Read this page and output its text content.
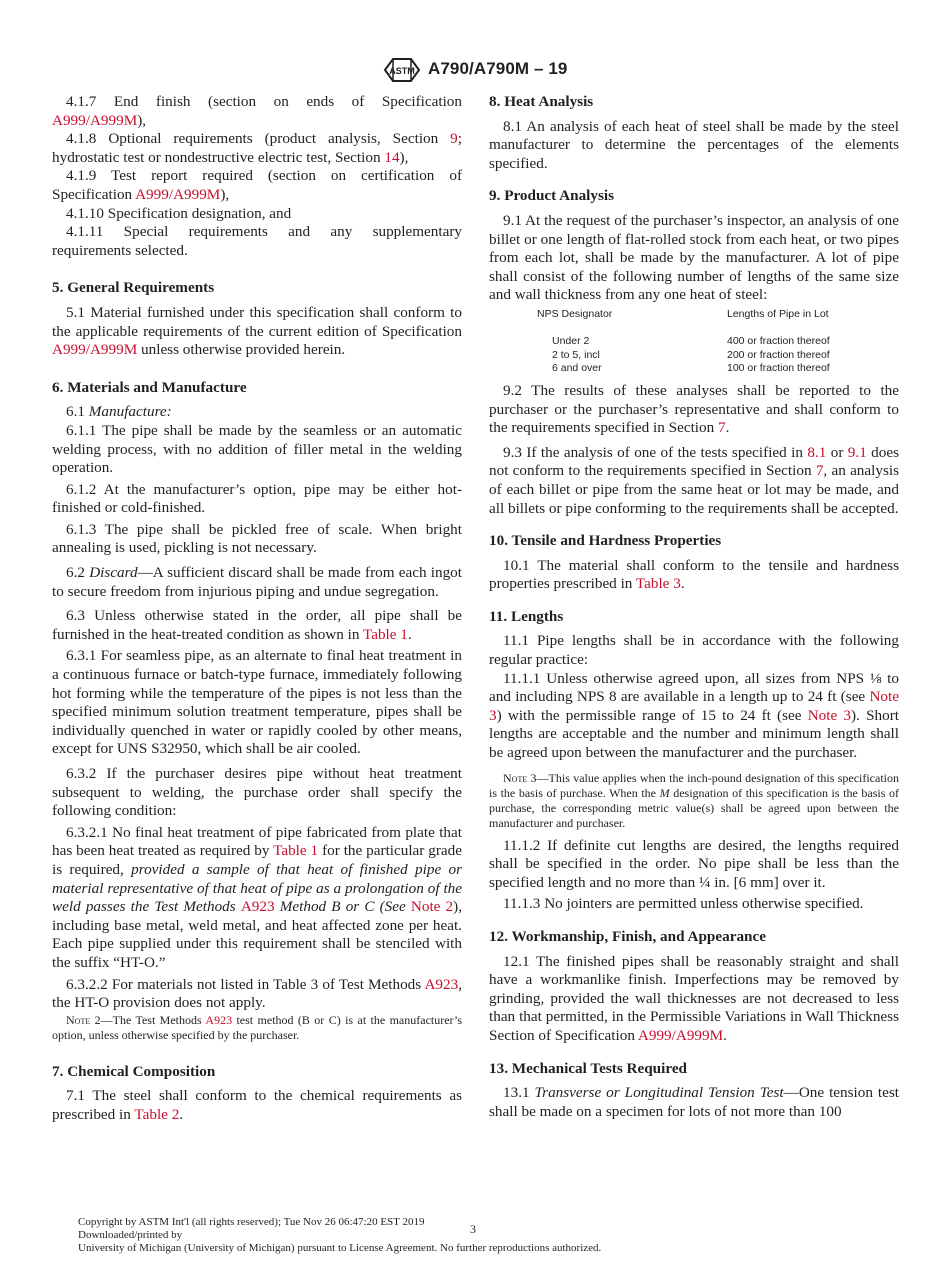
ASTM A790/A790M – 19

4.1.7 End finish (section on ends of Specification A999/A999M),

4.1.8 Optional requirements (product analysis, Section 9; hydrostatic test or nondestructive electric test, Section 14),

4.1.9 Test report required (section on certification of Specification A999/A999M),

4.1.10 Specification designation, and

4.1.11 Special requirements and any supplementary requirements selected.

5. General Requirements

5.1 Material furnished under this specification shall conform to the applicable requirements of the current edition of Specification A999/A999M unless otherwise provided herein.

6. Materials and Manufacture

6.1 Manufacture:

6.1.1 The pipe shall be made by the seamless or an automatic welding process, with no addition of filler metal in the welding operation.

6.1.2 At the manufacturer’s option, pipe may be either hot-finished or cold-finished.

6.1.3 The pipe shall be pickled free of scale. When bright annealing is used, pickling is not necessary.

6.2 Discard—A sufficient discard shall be made from each ingot to secure freedom from injurious piping and undue segregation.

6.3 Unless otherwise stated in the order, all pipe shall be furnished in the heat-treated condition as shown in Table 1.

6.3.1 For seamless pipe, as an alternate to final heat treatment in a continuous furnace or batch-type furnace, immediately following hot forming while the temperature of the pipes is not less than the specified minimum solution treatment temperature, pipes shall be individually quenched in water or rapidly cooled by other means, except for UNS S32950, which shall be air cooled.

6.3.2 If the purchaser desires pipe without heat treatment subsequent to welding, the purchase order shall specify the following condition:

6.3.2.1 No final heat treatment of pipe fabricated from plate that has been heat treated as required by Table 1 for the particular grade is required, provided a sample of that heat of finished pipe or material representative of that heat of pipe as a prolongation of the weld passes the Test Methods A923 Method B or C (See Note 2), including base metal, weld metal, and heat affected zone per heat. Each pipe supplied under this requirement shall be stenciled with the suffix “HT-O.”

6.3.2.2 For materials not listed in Table 3 of Test Methods A923, the HT-O provision does not apply.

Note 2—The Test Methods A923 test method (B or C) is at the manufacturer’s option, unless otherwise specified by the purchaser.

7. Chemical Composition

7.1 The steel shall conform to the chemical requirements as prescribed in Table 2.

8. Heat Analysis

8.1 An analysis of each heat of steel shall be made by the steel manufacturer to determine the percentages of the elements specified.

9. Product Analysis

9.1 At the request of the purchaser’s inspector, an analysis of one billet or one length of flat-rolled stock from each heat, or two pipes from each lot, shall be made by the manufacturer. A lot of pipe shall consist of the following number of lengths of the same size and wall thickness from any one heat of steel:

NPS Designator	Lengths of Pipe in Lot

Under 2	400 or fraction thereof
2 to 5, incl	200 or fraction thereof
6 and over	100 or fraction thereof

9.2 The results of these analyses shall be reported to the purchaser or the purchaser’s representative and shall conform to the requirements specified in Section 7.

9.3 If the analysis of one of the tests specified in 8.1 or 9.1 does not conform to the requirements specified in Section 7, an analysis of each billet or pipe from the same heat or lot may be made, and all billets or pipe conforming to the requirements shall be accepted.

10. Tensile and Hardness Properties

10.1 The material shall conform to the tensile and hardness properties prescribed in Table 3.

11. Lengths

11.1 Pipe lengths shall be in accordance with the following regular practice:

11.1.1 Unless otherwise agreed upon, all sizes from NPS ⅛ to and including NPS 8 are available in a length up to 24 ft (see Note 3) with the permissible range of 15 to 24 ft (see Note 3). Short lengths are acceptable and the number and minimum length shall be agreed upon between the manufacturer and the purchaser.

Note 3—This value applies when the inch-pound designation of this specification is the basis of purchase. When the M designation of this specification is the basis of purchase, the corresponding metric value(s) shall be agreed upon between the manufacturer and purchaser.

11.1.2 If definite cut lengths are desired, the lengths required shall be specified in the order. No pipe shall be less than the specified length and no more than ¼ in. [6 mm] over it.

11.1.3 No jointers are permitted unless otherwise specified.

12. Workmanship, Finish, and Appearance

12.1 The finished pipes shall be reasonably straight and shall have a workmanlike finish. Imperfections may be removed by grinding, provided the wall thicknesses are not decreased to less than that permitted, in the Permissible Variations in Wall Thickness Section of Specification A999/A999M.

13. Mechanical Tests Required

13.1 Transverse or Longitudinal Tension Test—One tension test shall be made on a specimen for lots of not more than 100

Copyright by ASTM Int'l (all rights reserved); Tue Nov 26 06:47:20 EST 2019
Downloaded/printed by
University of Michigan (University of Michigan) pursuant to License Agreement. No further reproductions authorized.
3
